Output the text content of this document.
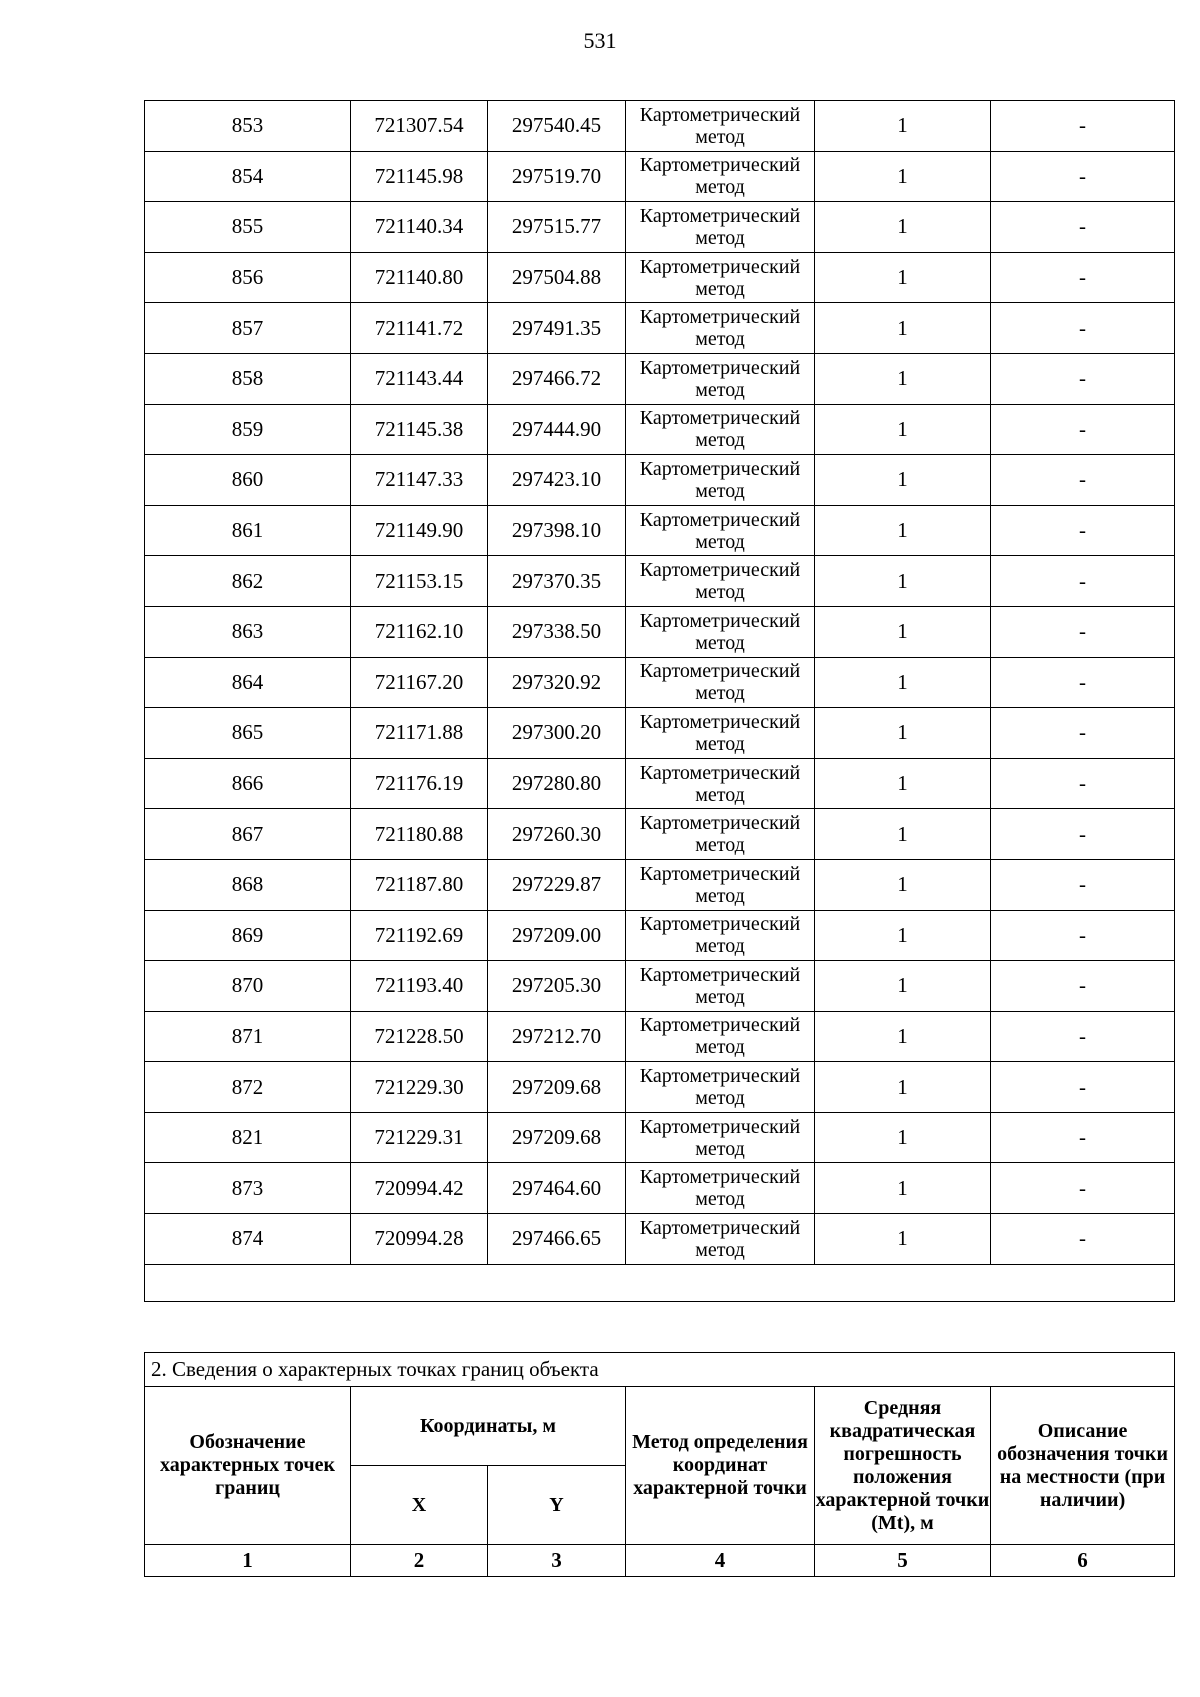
531
853	721307.54	297540.45	Картометрический метод	1	-
854	721145.98	297519.70	Картометрический метод	1	-
855	721140.34	297515.77	Картометрический метод	1	-
856	721140.80	297504.88	Картометрический метод	1	-
857	721141.72	297491.35	Картометрический метод	1	-
858	721143.44	297466.72	Картометрический метод	1	-
859	721145.38	297444.90	Картометрический метод	1	-
860	721147.33	297423.10	Картометрический метод	1	-
861	721149.90	297398.10	Картометрический метод	1	-
862	721153.15	297370.35	Картометрический метод	1	-
863	721162.10	297338.50	Картометрический метод	1	-
864	721167.20	297320.92	Картометрический метод	1	-
865	721171.88	297300.20	Картометрический метод	1	-
866	721176.19	297280.80	Картометрический метод	1	-
867	721180.88	297260.30	Картометрический метод	1	-
868	721187.80	297229.87	Картометрический метод	1	-
869	721192.69	297209.00	Картометрический метод	1	-
870	721193.40	297205.30	Картометрический метод	1	-
871	721228.50	297212.70	Картометрический метод	1	-
872	721229.30	297209.68	Картометрический метод	1	-
821	721229.31	297209.68	Картометрический метод	1	-
873	720994.42	297464.60	Картометрический метод	1	-
874	720994.28	297466.65	Картометрический метод	1	-

2. Сведения о характерных точках границ объекта					
Обозначение характерных точек границ	Координаты, м		Метод определения координат характерной точки	Средняя квадратическая погрешность положения характерной точки (Mt), м	Описание обозначения точки на местности (при наличии)
	X	Y			
1	2	3	4	5	6
